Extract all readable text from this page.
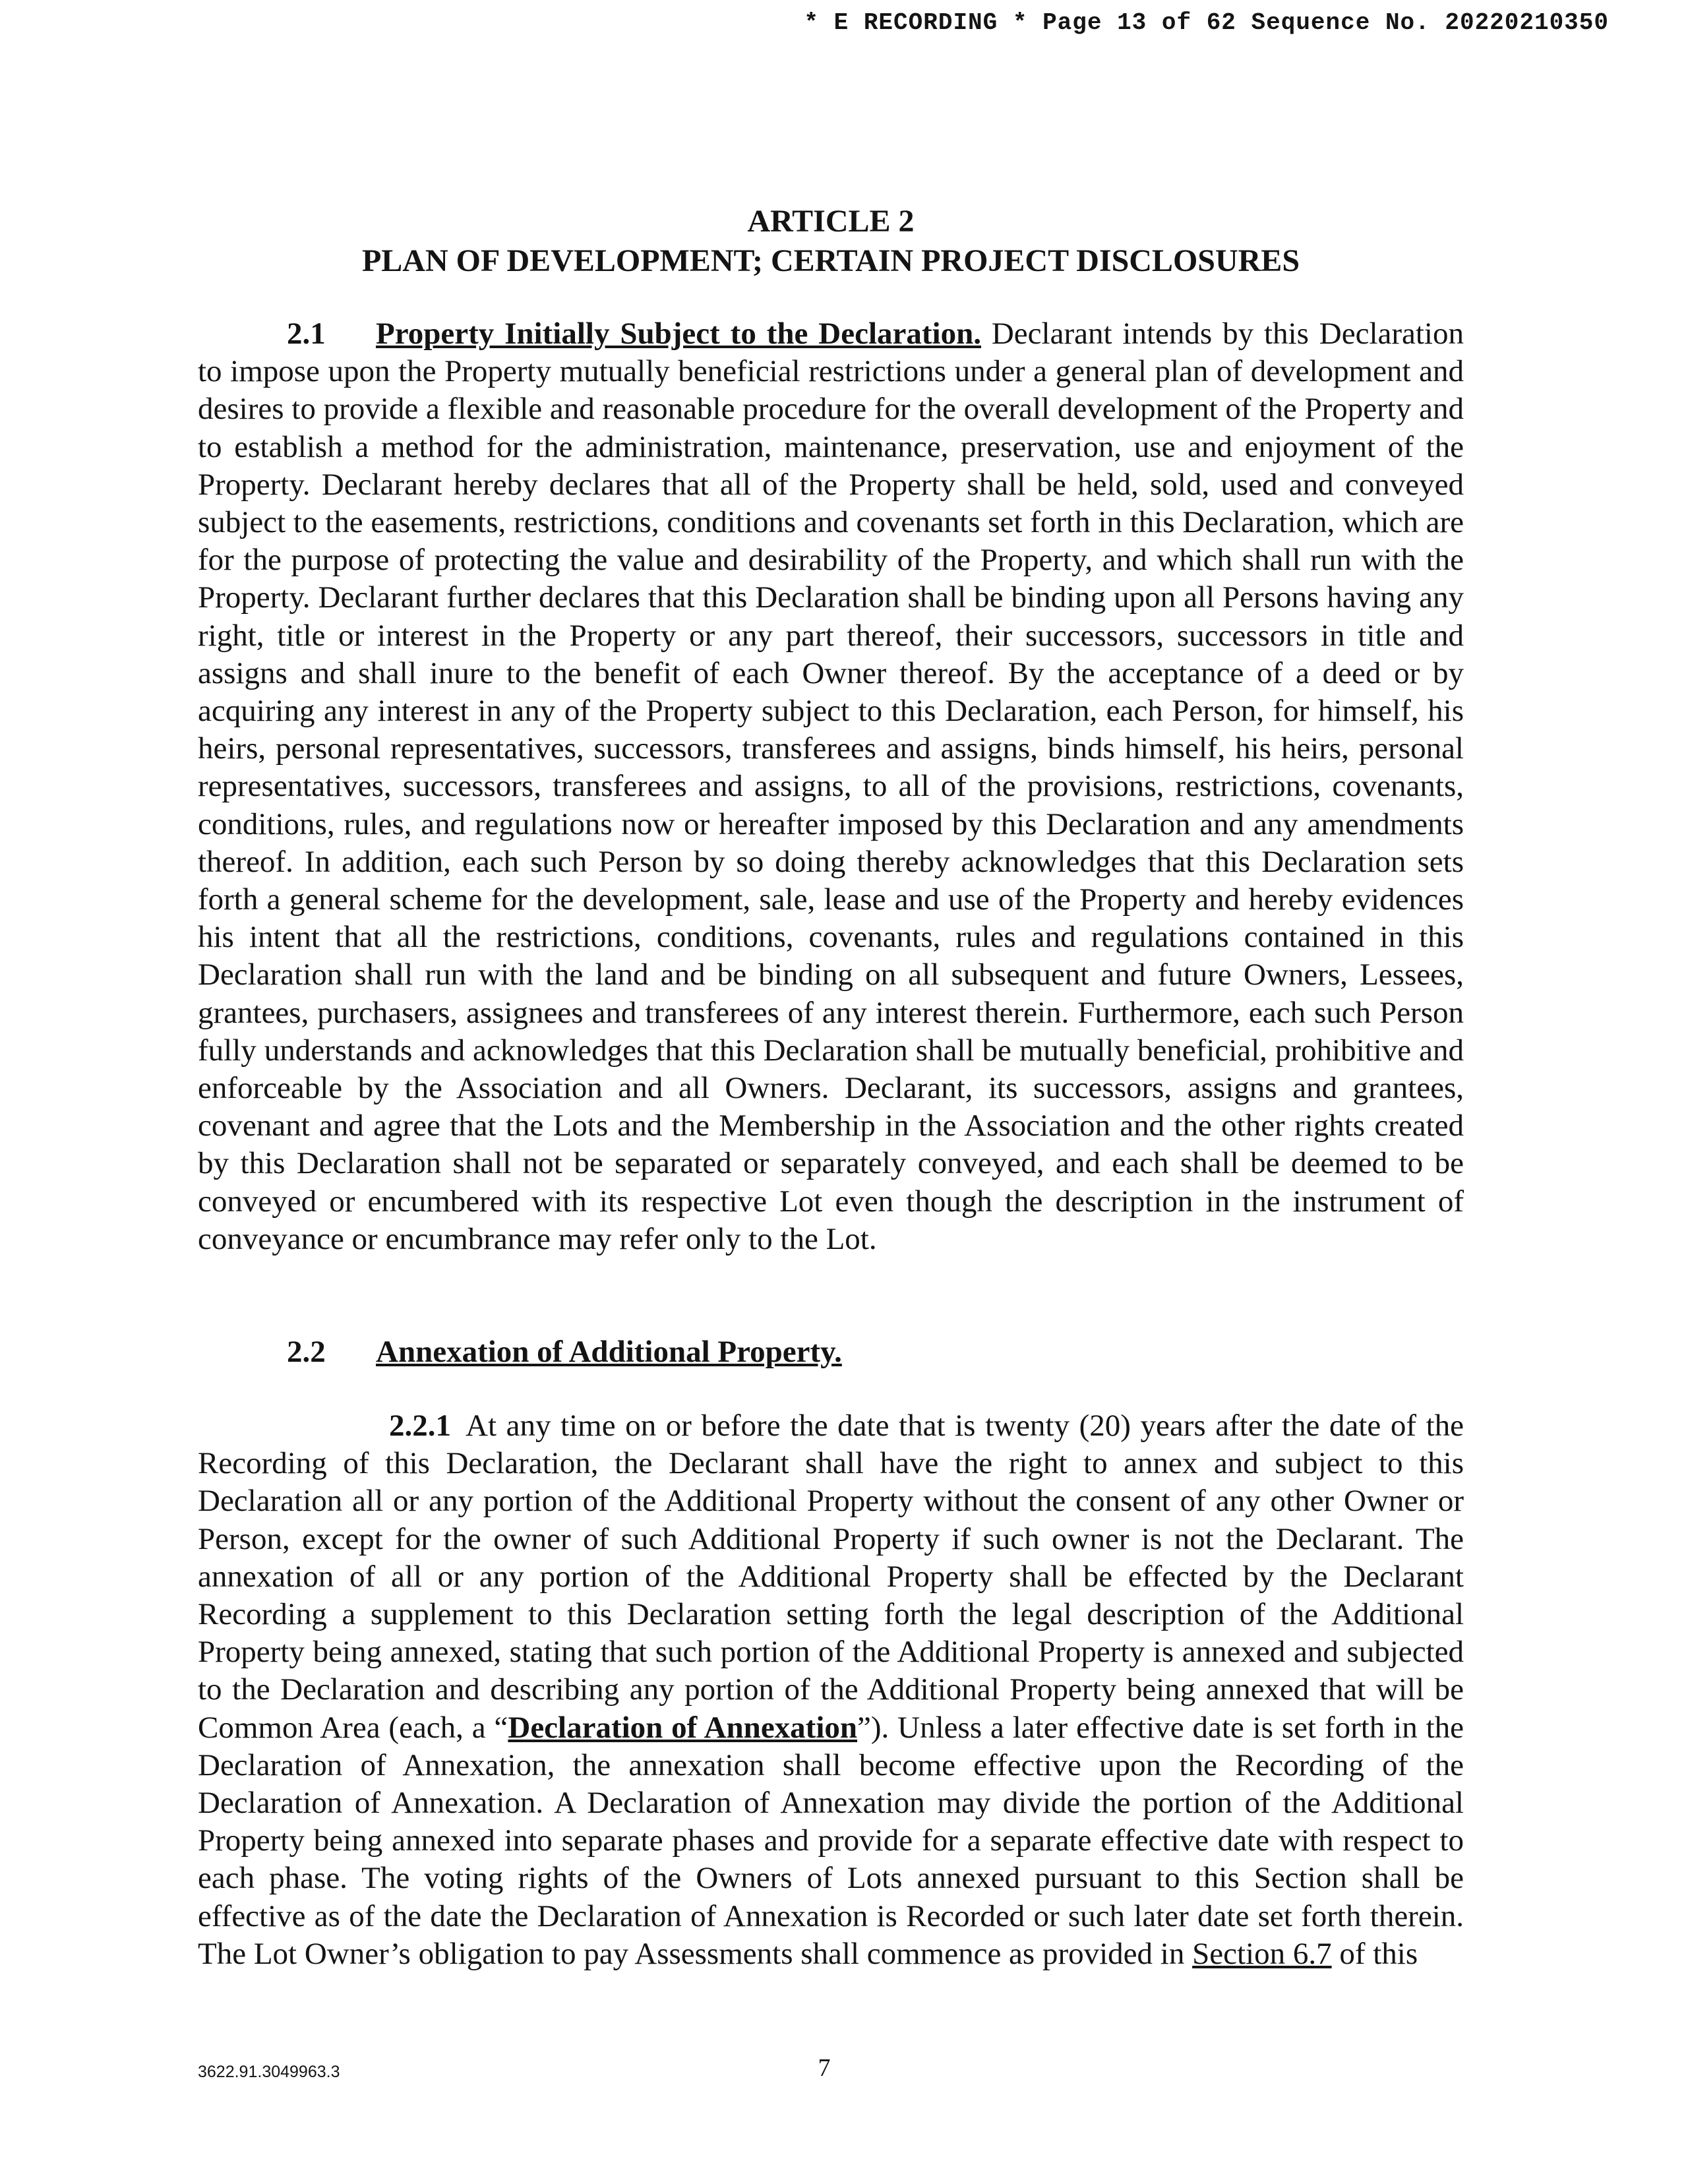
* E RECORDING * Page 13 of 62 Sequence No. 20220210350
ARTICLE 2
PLAN OF DEVELOPMENT; CERTAIN PROJECT DISCLOSURES

2.1 Property Initially Subject to the Declaration. Declarant intends by this Declaration to impose upon the Property mutually beneficial restrictions under a general plan of development and desires to provide a flexible and reasonable procedure for the overall development of the Property and to establish a method for the administration, maintenance, preservation, use and enjoyment of the Property. Declarant hereby declares that all of the Property shall be held, sold, used and conveyed subject to the easements, restrictions, conditions and covenants set forth in this Declaration, which are for the purpose of protecting the value and desirability of the Property, and which shall run with the Property. Declarant further declares that this Declaration shall be binding upon all Persons having any right, title or interest in the Property or any part thereof, their successors, successors in title and assigns and shall inure to the benefit of each Owner thereof. By the acceptance of a deed or by acquiring any interest in any of the Property subject to this Declaration, each Person, for himself, his heirs, personal representatives, successors, transferees and assigns, binds himself, his heirs, personal representatives, successors, transferees and assigns, to all of the provisions, restrictions, covenants, conditions, rules, and regulations now or hereafter imposed by this Declaration and any amendments thereof. In addition, each such Person by so doing thereby acknowledges that this Declaration sets forth a general scheme for the development, sale, lease and use of the Property and hereby evidences his intent that all the restrictions, conditions, covenants, rules and regulations contained in this Declaration shall run with the land and be binding on all subsequent and future Owners, Lessees, grantees, purchasers, assignees and transferees of any interest therein. Furthermore, each such Person fully understands and acknowledges that this Declaration shall be mutually beneficial, prohibitive and enforceable by the Association and all Owners. Declarant, its successors, assigns and grantees, covenant and agree that the Lots and the Membership in the Association and the other rights created by this Declaration shall not be separated or separately conveyed, and each shall be deemed to be conveyed or encumbered with its respective Lot even though the description in the instrument of conveyance or encumbrance may refer only to the Lot.

2.2 Annexation of Additional Property.

2.2.1 At any time on or before the date that is twenty (20) years after the date of the Recording of this Declaration, the Declarant shall have the right to annex and subject to this Declaration all or any portion of the Additional Property without the consent of any other Owner or Person, except for the owner of such Additional Property if such owner is not the Declarant. The annexation of all or any portion of the Additional Property shall be effected by the Declarant Recording a supplement to this Declaration setting forth the legal description of the Additional Property being annexed, stating that such portion of the Additional Property is annexed and subjected to the Declaration and describing any portion of the Additional Property being annexed that will be Common Area (each, a “Declaration of Annexation”). Unless a later effective date is set forth in the Declaration of Annexation, the annexation shall become effective upon the Recording of the Declaration of Annexation. A Declaration of Annexation may divide the portion of the Additional Property being annexed into separate phases and provide for a separate effective date with respect to each phase. The voting rights of the Owners of Lots annexed pursuant to this Section shall be effective as of the date the Declaration of Annexation is Recorded or such later date set forth therein. The Lot Owner’s obligation to pay Assessments shall commence as provided in Section 6.7 of this

3622.91.3049963.3	7
